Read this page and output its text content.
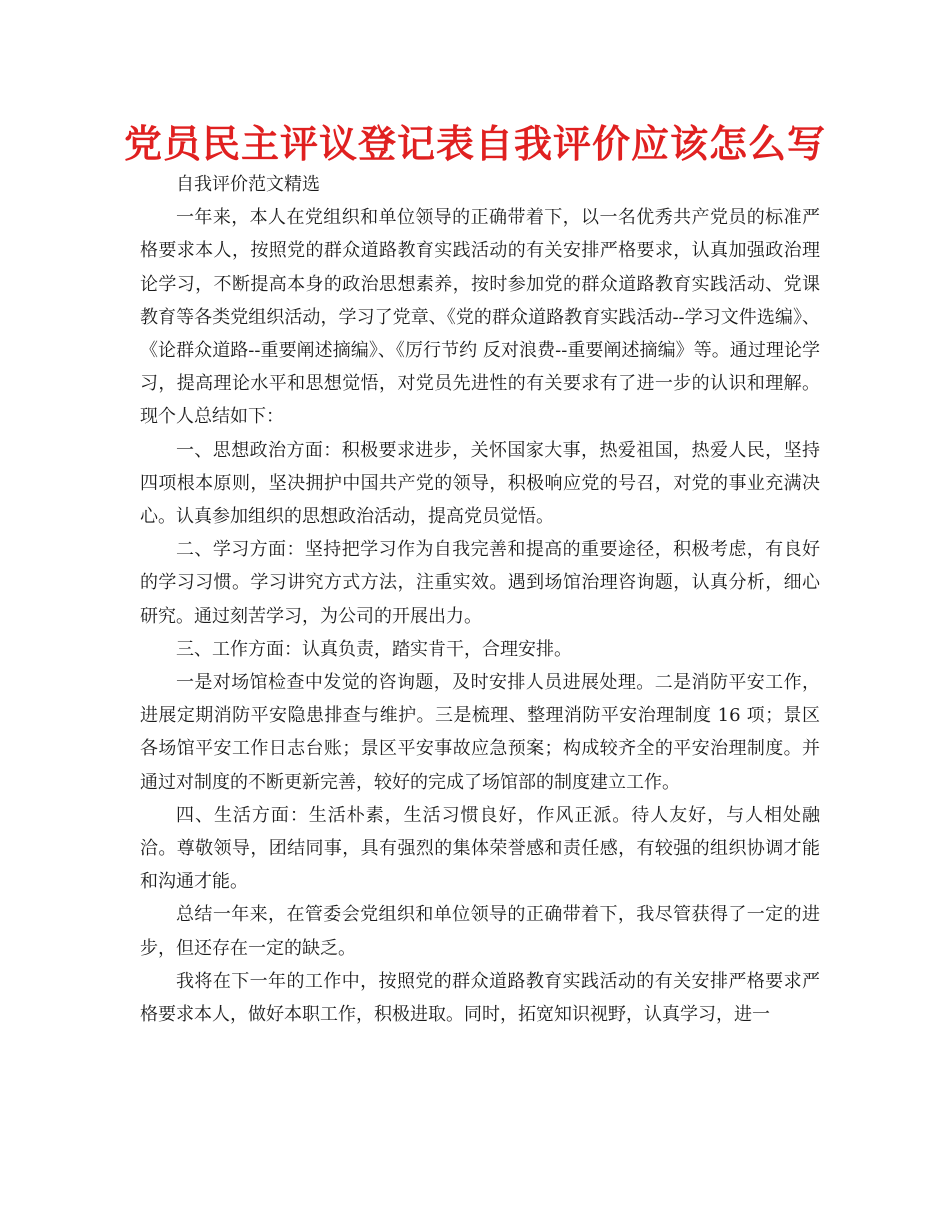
党员民主评议登记表自我评价应该怎么写

自我评价范文精选

一年来，本人在党组织和单位领导的正确带着下，以一名优秀共产党员的标准严格要求本人，按照党的群众道路教育实践活动的有关安排严格要求，认真加强政治理论学习，不断提高本身的政治思想素养，按时参加党的群众道路教育实践活动、党课教育等各类党组织活动，学习了党章、《党的群众道路教育实践活动--学习文件选编》、《论群众道路--重要阐述摘编》、《厉行节约 反对浪费--重要阐述摘编》等。通过理论学习，提高理论水平和思想觉悟，对党员先进性的有关要求有了进一步的认识和理解。现个人总结如下：

一、思想政治方面：积极要求进步，关怀国家大事，热爱祖国，热爱人民，坚持四项根本原则，坚决拥护中国共产党的领导，积极响应党的号召，对党的事业充满决心。认真参加组织的思想政治活动，提高党员觉悟。

二、学习方面：坚持把学习作为自我完善和提高的重要途径，积极考虑，有良好的学习习惯。学习讲究方式方法，注重实效。遇到场馆治理咨询题，认真分析，细心研究。通过刻苦学习，为公司的开展出力。

三、工作方面：认真负责，踏实肯干，合理安排。

一是对场馆检查中发觉的咨询题，及时安排人员进展处理。二是消防平安工作，进展定期消防平安隐患排查与维护。三是梳理、整理消防平安治理制度 16 项；景区各场馆平安工作日志台账；景区平安事故应急预案；构成较齐全的平安治理制度。并通过对制度的不断更新完善，较好的完成了场馆部的制度建立工作。

四、生活方面：生活朴素，生活习惯良好，作风正派。待人友好，与人相处融洽。尊敬领导，团结同事，具有强烈的集体荣誉感和责任感，有较强的组织协调才能和沟通才能。

总结一年来，在管委会党组织和单位领导的正确带着下，我尽管获得了一定的进步，但还存在一定的缺乏。

我将在下一年的工作中，按照党的群众道路教育实践活动的有关安排严格要求严格要求本人，做好本职工作，积极进取。同时，拓宽知识视野，认真学习，进一
